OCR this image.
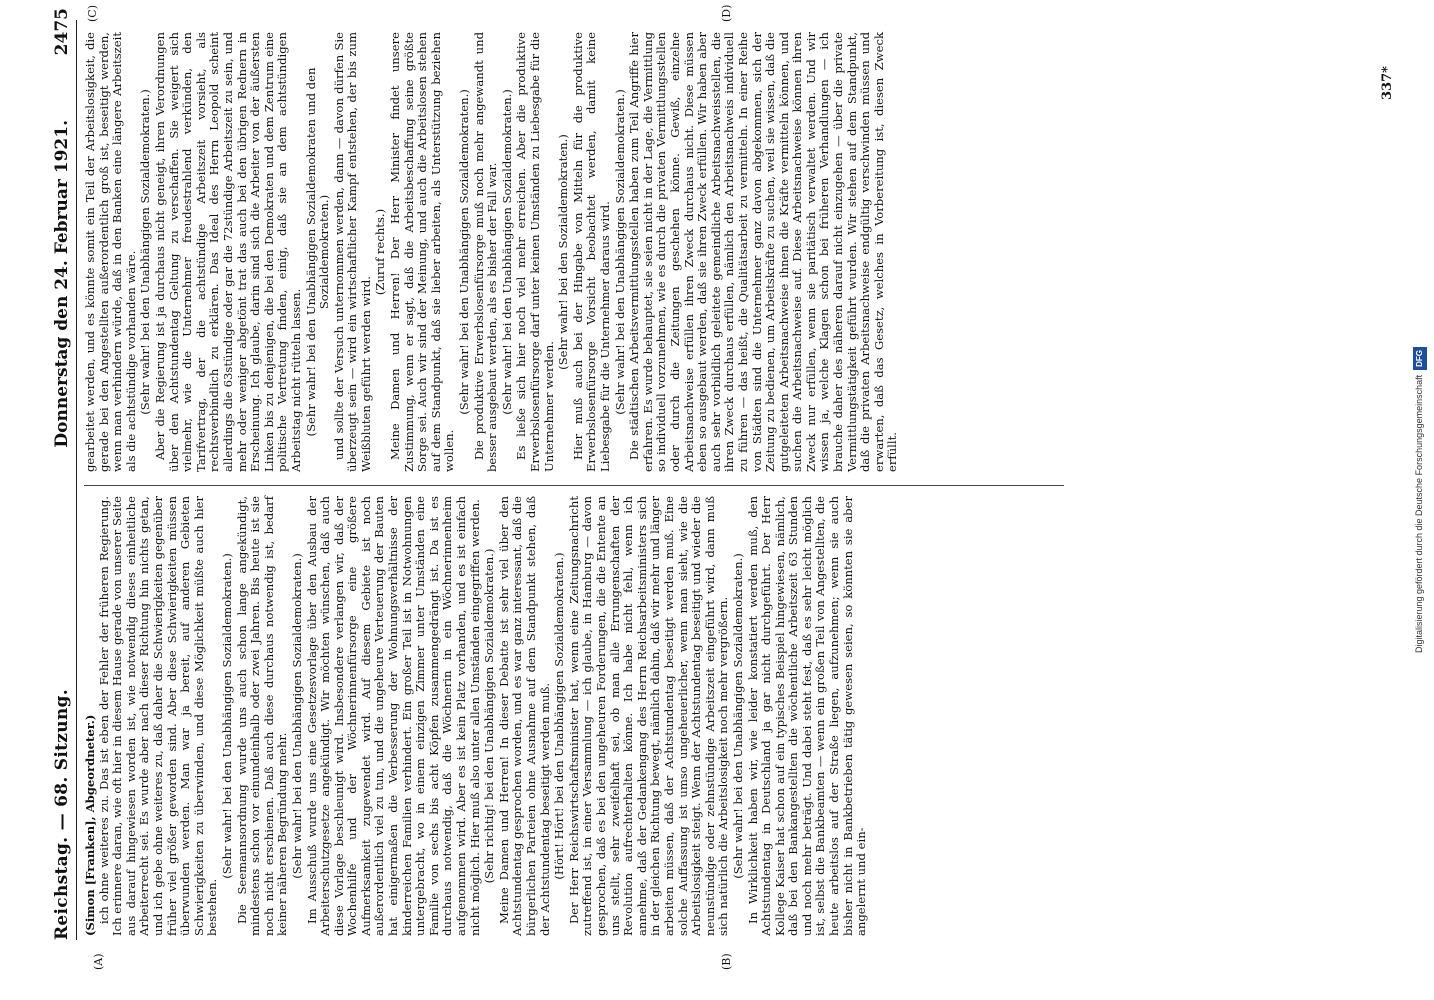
Reichstag. — 68. Sitzung.
Donnerstag den 24. Februar 1921.
2475
(A)	(B)
(C)	(D)

(Simon [Franken], Abgeordneter.) ich ohne weiteres zu. Das ist eben der Fehler der früheren Regierung. Ich erinnere daran, wie oft hier in diesem Hause gerade von unserer Seite aus darauf hingewiesen worden ist, wie notwendig dieses einheitliche Arbeiterrecht sei. Es wurde aber nach dieser Richtung hin nichts getan, und ich gebe ohne weiteres zu, daß daher die Schwierigkeiten gegenüber früher viel größer geworden sind. Aber diese Schwierigkeiten müssen überwunden werden. Man war ja bereit, auf anderen Gebieten Schwierigkeiten zu überwinden, und diese Möglichkeit müßte auch hier bestehen.

(Sehr wahr! bei den Unabhängigen Sozialdemokraten.) Die Seemannsordnung wurde uns auch schon lange angekündigt, mindestens schon vor einundeinhalb oder zwei Jahren. Bis heute ist sie noch nicht erschienen. Daß auch diese durchaus notwendig ist, bedarf keiner näheren Begründung mehr. (Sehr wahr! bei den Unabhängigen Sozialdemokraten.) Im Ausschuß wurde uns eine Gesetzesvorlage über den Ausbau der Arbeiterschutzgesetze angekündigt. Wir möchten wünschen, daß auch diese Vorlage beschleunigt wird. Insbesondere verlangen wir, daß der Wochenhilfe und der Wöchnerinnenfürsorge eine größere Aufmerksamkeit zugewendet wird. Auf diesem Gebiete ist noch außerordentlich viel zu tun, und die ungeheure Verteuerung der Bauten hat einigermaßen die Verbesserung der Wohnungsverhältnisse der kinderreichen Familien verhindert. Ein großer Teil ist in Notwohnungen untergebracht, wo in einem einzigen Zimmer unter Umständen eine Familie von sechs bis acht Köpfen zusammengedrängt ist. Da ist es durchaus notwendig, daß die Wöchnerin in ein Wöchnerinnenheim aufgenommen wird. Aber es ist kein Platz vorhanden, und es ist einfach nicht möglich. Hier muß also unter allen Umständen eingegriffen werden. (Sehr richtig! bei den Unabhängigen Sozialdemokraten.) Meine Damen und Herren! In dieser Debatte ist sehr viel über den Achtstundentag gesprochen worden, und es war ganz interessant, daß die bürgerlichen Parteien ohne Ausnahme auf dem Standpunkt stehen, daß der Achtstundentag beseitigt werden muß. (Hört! Hört! bei den Unabhängigen Sozialdemokraten.) Der Herr Reichswirtschaftsminister hat, wenn eine Zeitungsnachricht zutreffend ist, in einer Versammlung — ich glaube, in Hamburg — davon gesprochen, daß es bei den ungeheuren Forderungen, die die Entente an uns stellt, sehr zweifelhaft sei, ob man alle Errungenschaften der Revolution aufrechterhalten könne. Ich habe nicht fehl, wenn ich annehme, daß der Gedankengang des Herrn Reichsarbeitsministers sich in der gleichen Richtung bewegt, nämlich dahin, daß wir mehr und länger arbeiten müssen, daß der Achtstundentag beseitigt werden muß. Eine solche Auffassung ist umso ungeheuerlicher, wenn man sieht, wie die Arbeitslosigkeit steigt. Wenn der Achtstundentag beseitigt und wieder die neunstündige oder zehnstündige Arbeitszeit eingeführt wird, dann muß sich natürlich die Arbeitslosigkeit noch mehr vergrößern. (Sehr wahr! bei den Unabhängigen Sozialdemokraten.) In Wirklichkeit haben wir, wie leider konstatiert werden muß, den Achtstundentag in Deutschland ja gar nicht durchgeführt. Der Herr Kollege Kaiser hat schon auf ein typisches Beispiel hingewiesen, nämlich, daß bei den Bankangestellten die wöchentliche Arbeitszeit 63 Stunden und noch mehr beträgt. Und dabei steht fest, daß es sehr leicht möglich ist, selbst die Bankbeamten — wenn ein großen Teil von Angestellten, die heute arbeitslos auf der Straße liegen, aufzunehmen; wenn sie auch bisher nicht in Bankbetrieben tätig gewesen seien, so könnten sie aber angelernt und ein-

gearbeitet werden, und es könnte somit ein Teil der Arbeitslosigkeit, die gerade bei den Angestellten außerordentlich groß ist, beseitigt werden, wenn man verhindern würde, daß in den Banken eine längere Arbeitszeit als die achtstündige vorhanden wäre. (Sehr wahr! bei den Unabhängigen Sozialdemokraten.) Aber die Regierung ist ja durchaus nicht geneigt, ihren Verordnungen über den Achtstundentag Geltung zu verschaffen. Sie weigert sich vielmehr, wie die Unternehmer freudestrahlend verkünden, den Tarifvertrag, der die achtstündige Arbeitszeit vorsieht, als rechtsverbindlich zu erklären. Das Ideal des Herrn Leopold scheint allerdings die 63stündige oder gar die 72stündige Arbeitszeit zu sein, und mehr oder weniger abgetönt trat das auch bei den übrigen Rednern in Erscheinung. Ich glaube, darin sind sich die Arbeiter von der äußersten Linken bis zu denjenigen, die bei den Demokraten und dem Zentrum eine politische Vertretung finden, einig, daß sie an dem achtstündigen Arbeitstag nicht rütteln lassen. (Sehr wahr! bei den Unabhängigen Sozialdemokraten und den Sozialdemokraten.) und sollte der Versuch unternommen werden, dann — davon dürfen Sie überzeugt sein — wird ein wirtschaftlicher Kampf entstehen, der bis zum Weißbluten geführt werden wird.

(Zuruf rechts.) Meine Damen und Herren! Der Herr Minister findet unsere Zustimmung, wenn er sagt, daß die Arbeitsbeschaffung seine größte Sorge sei. Auch wir sind der Meinung, und auch die Arbeitslosen stehen auf dem Standpunkt, daß sie lieber arbeiten, als Unterstützung beziehen wollen.

(Sehr wahr! bei den Unabhängigen Sozialdemokraten.) Die produktive Erwerbslosenfürsorge muß noch mehr angewandt und besser ausgebaut werden, als es bisher der Fall war. (Sehr wahr! bei den Unabhängigen Sozialdemokraten.) Es ließe sich hier noch viel mehr erreichen. Aber die produktive Erwerbslosenfürsorge darf unter keinen Umständen zu Liebesgabe für die Unternehmer werden.

(Sehr wahr! bei den Sozialdemokraten.) Hier muß auch bei der Hingabe von Mitteln für die produktive Erwerbslosenfürsorge Vorsicht beobachtet werden, damit keine Liebesgabe für die Unternehmer daraus wird. (Sehr wahr! bei den Unabhängigen Sozialdemokraten.) Die städtischen Arbeitsvermittlungsstellen haben zum Teil Angriffe hier erfahren. Es wurde behauptet, sie seien nicht in der Lage, die Vermittlung so individuell vorzunehmen, wie es durch die privaten Vermittlungsstellen oder durch die Zeitungen geschehen könne. Gewiß, einzelne Arbeitsnachweise erfüllen ihren Zweck durchaus nicht. Diese müssen eben so ausgebaut werden, daß sie ihren Zweck erfüllen. Wir haben aber auch sehr vorbildlich geleitete gemeindliche Arbeitsnachweisstellen, die ihren Zweck durchaus erfüllen, nämlich den Arbeitsnachweis individuell zu führen — das heißt, die Qualitätsarbeit zu vermitteln. In einer Reihe von Städten sind die Unternehmer ganz davon abgekommen, sich der Zeitung zu bedienen, um Arbeitskräfte zu suchen, weil sie wissen, daß die gutgeleiteten Arbeitsnachweise ihnen die Kräfte vermitteln können, und suchen die Arbeitsnachweise auf. Diese Arbeitsnachweise können ihren Zweck nur erfüllen, wenn sie paritätisch verwaltet werden. Und wir wissen ja, welche Klagen schon bei früheren Verhandlungen — ich brauche daher des näheren darauf nicht einzugehen — über die private Vermittlungstätigkeit geführt wurden. Wir stehen auf dem Standpunkt, daß die privaten Arbeitsnachweise endgültig verschwinden müssen und erwarten, daß das Gesetz, welches in Vorbereitung ist, diesen Zweck erfüllt.

337*
Digitalisierung gefördert durch die Deutsche Forschungsgemeinschaft  DFG
